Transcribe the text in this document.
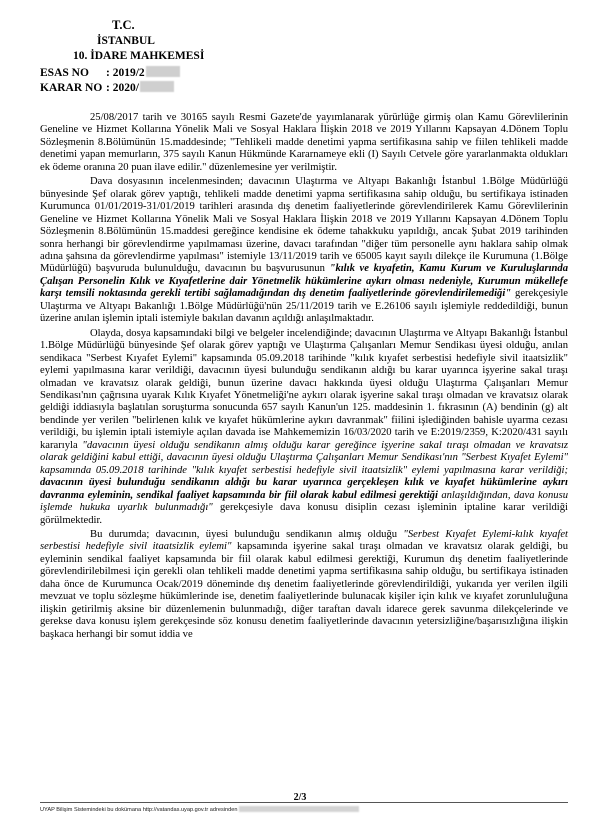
T.C.
İSTANBUL
10. İDARE MAHKEMESİ
ESAS NO : 2019/2
KARAR NO : 2020/

25/08/2017 tarih ve 30165 sayılı Resmi Gazete'de yayımlanarak yürürlüğe girmiş olan Kamu Görevlilerinin Geneline ve Hizmet Kollarına Yönelik Mali ve Sosyal Haklara İlişkin 2018 ve 2019 Yıllarını Kapsayan 4.Dönem Toplu Sözleşmenin 8.Bölümünün 15.maddesinde; "Tehlikeli madde denetimi yapma sertifikasına sahip ve fiilen tehlikeli madde denetimi yapan memurların, 375 sayılı Kanun Hükmünde Kararnameye ekli (I) Sayılı Cetvele göre yararlanmakta oldukları ek ödeme oranına 20 puan ilave edilir." düzenlemesine yer verilmiştir.

Dava dosyasının incelenmesinden; davacının Ulaştırma ve Altyapı Bakanlığı İstanbul 1.Bölge Müdürlüğü bünyesinde Şef olarak görev yaptığı, tehlikeli madde denetimi yapma sertifikasına sahip olduğu, bu sertifikaya istinaden Kurumunca 01/01/2019-31/01/2019 tarihleri arasında dış denetim faaliyetlerinde görevlendirilerek Kamu Görevlilerinin Geneline ve Hizmet Kollarına Yönelik Mali ve Sosyal Haklara İlişkin 2018 ve 2019 Yıllarını Kapsayan 4.Dönem Toplu Sözleşmenin 8.Bölümünün 15.maddesi gereğince kendisine ek ödeme tahakkuku yapıldığı, ancak Şubat 2019 tarihinden sonra herhangi bir görevlendirme yapılmaması üzerine, davacı tarafından "diğer tüm personelle aynı haklara sahip olmak adına şahsına da görevlendirme yapılması" istemiyle 13/11/2019 tarih ve 65005 kayıt sayılı dilekçe ile Kurumuna (1.Bölge Müdürlüğü) başvuruda bulunulduğu, davacının bu başvurusunun "kılık ve kıyafetin, Kamu Kurum ve Kuruluşlarında Çalışan Personelin Kılık ve Kıyafetlerine dair Yönetmelik hükümlerine aykırı olması nedeniyle, Kurumun mükellefe karşı temsili noktasında gerekli tertibi sağlamadığından dış denetim faaliyetlerinde görevlendirilemediği" gerekçesiyle Ulaştırma ve Altyapı Bakanlığı 1.Bölge Müdürlüğü'nün 25/11/2019 tarih ve E.26106 sayılı işlemiyle reddedildiği, bunun üzerine anılan işlemin iptali istemiyle bakılan davanın açıldığı anlaşılmaktadır.

Olayda, dosya kapsamındaki bilgi ve belgeler incelendiğinde; davacının Ulaştırma ve Altyapı Bakanlığı İstanbul 1.Bölge Müdürlüğü bünyesinde Şef olarak görev yaptığı ve Ulaştırma Çalışanları Memur Sendikası üyesi olduğu, anılan sendikaca "Serbest Kıyafet Eylemi" kapsamında 05.09.2018 tarihinde "kılık kıyafet serbestisi hedefiyle sivil itaatsizlik" eylemi yapılmasına karar verildiği, davacının üyesi bulunduğu sendikanın aldığı bu karar uyarınca işyerine sakal tıraşı olmadan ve kravatsız olarak geldiği, bunun üzerine davacı hakkında üyesi olduğu Ulaştırma Çalışanları Memur Sendikası'nın çağrısına uyarak Kılık Kıyafet Yönetmeliği'ne aykırı olarak işyerine sakal tıraşı olmadan ve kravatsız olarak geldiği iddiasıyla başlatılan soruşturma sonucunda 657 sayılı Kanun'un 125. maddesinin 1. fıkrasının (A) bendinin (g) alt bendinde yer verilen "belirlenen kılık ve kıyafet hükümlerine aykırı davranmak" fiilini işlediğinden bahisle uyarma cezası verildiği, bu işlemin iptali istemiyle açılan davada ise Mahkememizin 16/03/2020 tarih ve E:2019/2359, K:2020/431 sayılı kararıyla "davacının üyesi olduğu sendikanın almış olduğu karar gereğince işyerine sakal tıraşı olmadan ve kravatsız olarak geldiğini kabul ettiği, davacının üyesi olduğu Ulaştırma Çalışanları Memur Sendikası'nın "Serbest Kıyafet Eylemi" kapsamında 05.09.2018 tarihinde "kılık kıyafet serbestisi hedefiyle sivil itaatsizlik" eylemi yapılmasına karar verildiği; davacının üyesi bulunduğu sendikanın aldığı bu karar uyarınca gerçekleşen kılık ve kıyafet hükümlerine aykırı davranma eyleminin, sendikal faaliyet kapsamında bir fiil olarak kabul edilmesi gerektiği anlaşıldığından, dava konusu işlemde hukuka uyarlık bulunmadığı" gerekçesiyle dava konusu disiplin cezası işleminin iptaline karar verildiği görülmektedir.

Bu durumda; davacının, üyesi bulunduğu sendikanın almış olduğu "Serbest Kıyafet Eylemi-kılık kıyafet serbestisi hedefiyle sivil itaatsizlik eylemi" kapsamında işyerine sakal tıraşı olmadan ve kravatsız olarak geldiği, bu eyleminin sendikal faaliyet kapsamında bir fiil olarak kabul edilmesi gerektiği, Kurumun dış denetim faaliyetlerinde görevlendirilebilmesi için gerekli olan tehlikeli madde denetimi yapma sertifikasına sahip olduğu, bu sertifikaya istinaden daha önce de Kurumunca Ocak/2019 döneminde dış denetim faaliyetlerinde görevlendirildiği, yukarıda yer verilen ilgili mevzuat ve toplu sözleşme hükümlerinde ise, denetim faaliyetlerinde bulunacak kişiler için kılık ve kıyafet zorunluluğuna ilişkin getirilmiş aksine bir düzenlemenin bulunmadığı, diğer taraftan davalı idarece gerek savunma dilekçelerinde ve gerekse dava konusu işlem gerekçesinde söz konusu denetim faaliyetlerinde davacının yetersizliğine/başarısızlığına ilişkin başkaca herhangi bir somut iddia ve

2/3
UYAP Bilişim Sistemindeki bu dokümana http://vatandas.uyap.gov.tr adresinden
